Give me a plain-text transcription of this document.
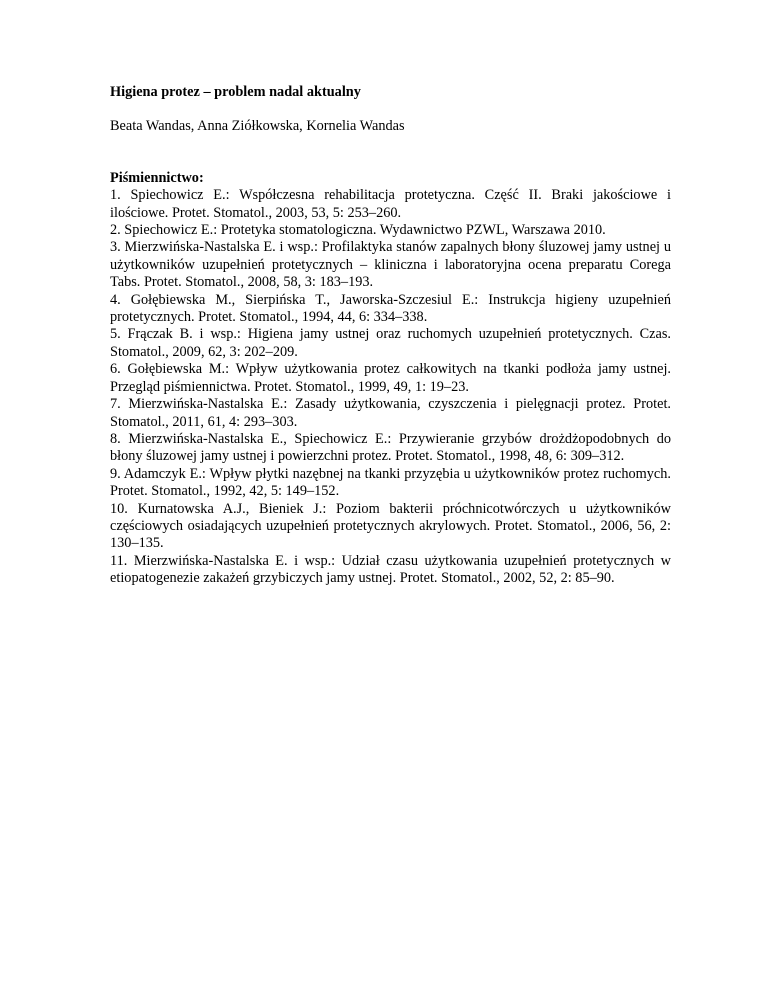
Higiena protez – problem nadal aktualny

Beata Wandas, Anna Ziółkowska, Kornelia Wandas

Piśmiennictwo:

1. Spiechowicz E.: Współczesna rehabilitacja protetyczna. Część II. Braki jakościowe i ilościowe. Protet. Stomatol., 2003, 53, 5: 253–260.
2. Spiechowicz E.: Protetyka stomatologiczna. Wydawnictwo PZWL, Warszawa 2010.
3. Mierzwińska-Nastalska E. i wsp.: Profilaktyka stanów zapalnych błony śluzowej jamy ustnej u użytkowników uzupełnień protetycznych – kliniczna i laboratoryjna ocena preparatu Corega Tabs. Protet. Stomatol., 2008, 58, 3: 183–193.
4. Gołębiewska M., Sierpińska T., Jaworska-Szczesiul E.: Instrukcja higieny uzupełnień protetycznych. Protet. Stomatol., 1994, 44, 6: 334–338.
5. Frączak B. i wsp.: Higiena jamy ustnej oraz ruchomych uzupełnień protetycznych. Czas. Stomatol., 2009, 62, 3: 202–209.
6. Gołębiewska M.: Wpływ użytkowania protez całkowitych na tkanki podłoża jamy ustnej. Przegląd piśmiennictwa. Protet. Stomatol., 1999, 49, 1: 19–23.
7. Mierzwińska-Nastalska E.: Zasady użytkowania, czyszczenia i pielęgnacji protez. Protet. Stomatol., 2011, 61, 4: 293–303.
8. Mierzwińska-Nastalska E., Spiechowicz E.: Przywieranie grzybów drożdżopodobnych do błony śluzowej jamy ustnej i powierzchni protez. Protet. Stomatol., 1998, 48, 6: 309–312.
9. Adamczyk E.: Wpływ płytki nazębnej na tkanki przyzębia u użytkowników protez ruchomych. Protet. Stomatol., 1992, 42, 5: 149–152.
10. Kurnatowska A.J., Bieniek J.: Poziom bakterii próchnicotwórczych u użytkowników częściowych osiadających uzupełnień protetycznych akrylowych. Protet. Stomatol., 2006, 56, 2: 130–135.
11. Mierzwińska-Nastalska E. i wsp.: Udział czasu użytkowania uzupełnień protetycznych w etiopatogenezie zakażeń grzybiczych jamy ustnej. Protet. Stomatol., 2002, 52, 2: 85–90.
